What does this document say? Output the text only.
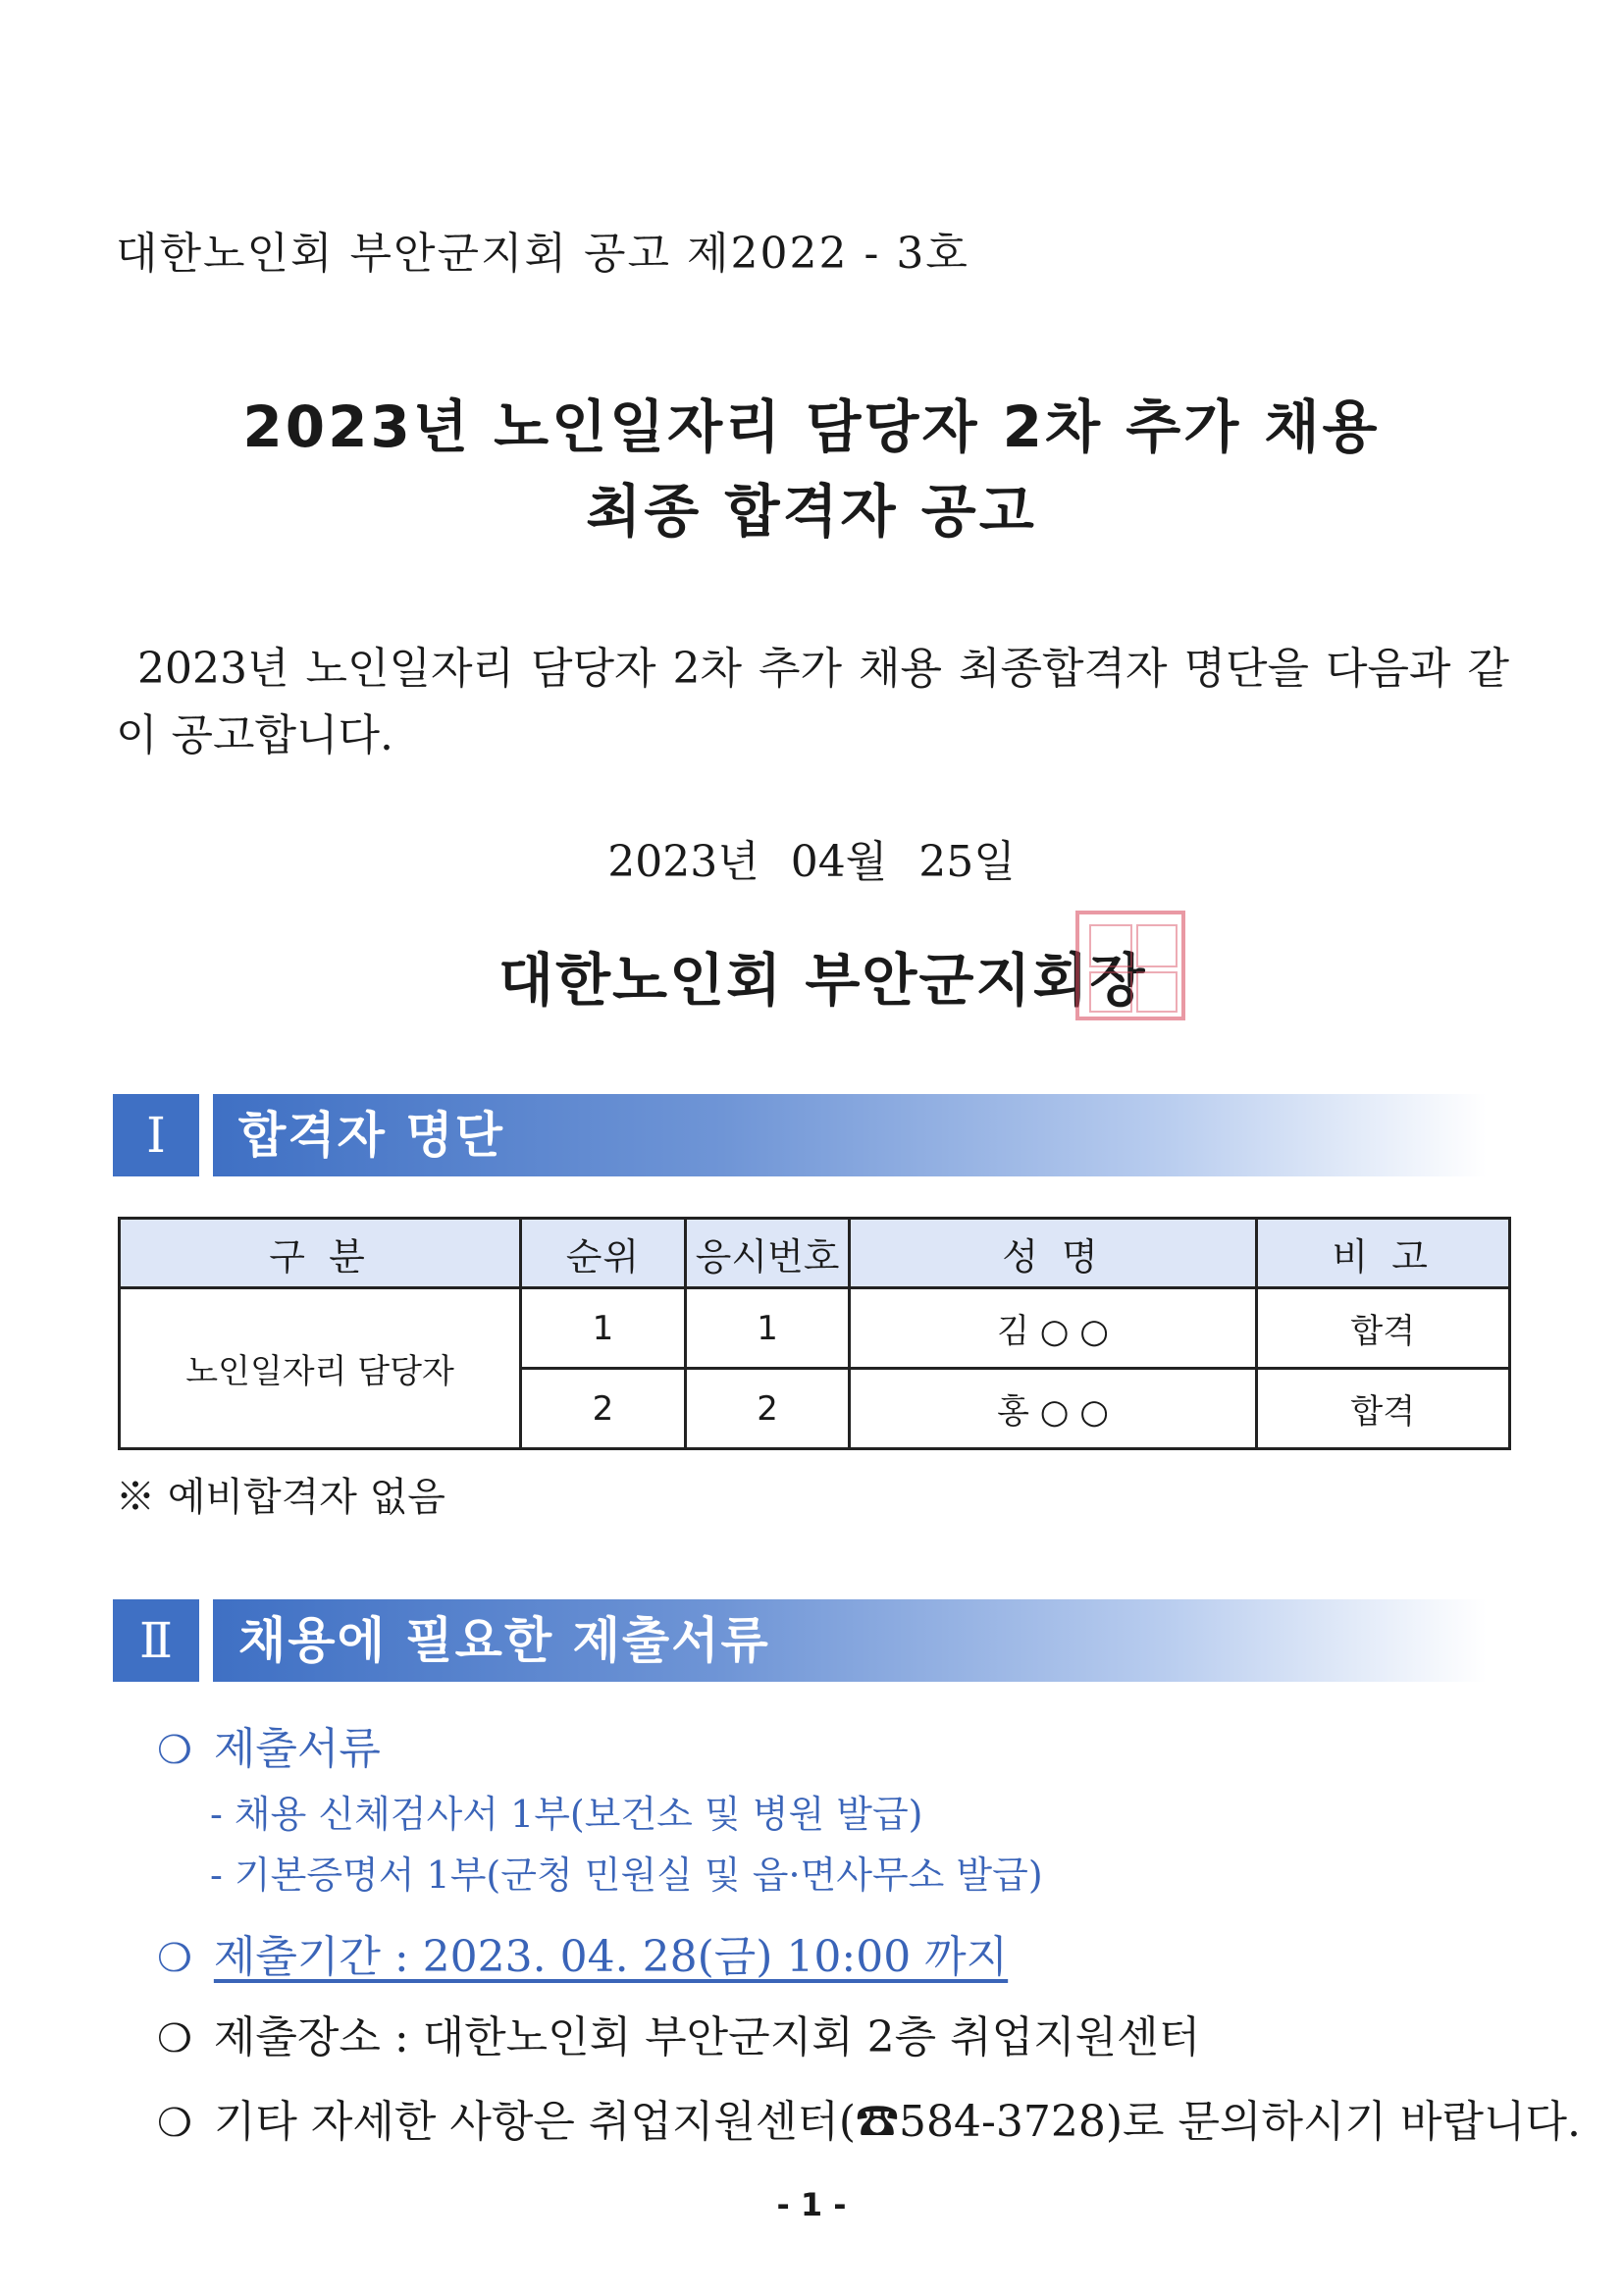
대한노인회 부안군지회 공고 제2022 - 3호
2023년 노인일자리 담당자 2차 추가 채용
최종 합격자 공고
2023년 노인일자리 담당자 2차 추가 채용 최종합격자 명단을 다음과 같이 공고합니다.
2023년 04월 25일
대한노인회 부안군지회장
Ⅰ	합격자 명단
구 분	순위	응시번호	성 명	비 고
노인일자리 담당자	1	1	김 ○ ○	합격
	2	2	홍 ○ ○	합격
※ 예비합격자 없음
Ⅱ	채용에 필요한 제출서류
❍ 제출서류
- 채용 신체검사서 1부(보건소 및 병원 발급)
- 기본증명서 1부(군청 민원실 및 읍·면사무소 발급)
❍ 제출기간 : 2023. 04. 28(금) 10:00 까지
❍ 제출장소 : 대한노인회 부안군지회 2층 취업지원센터
❍ 기타 자세한 사항은 취업지원센터(☎584-3728)로 문의하시기 바랍니다.
- 1 -
